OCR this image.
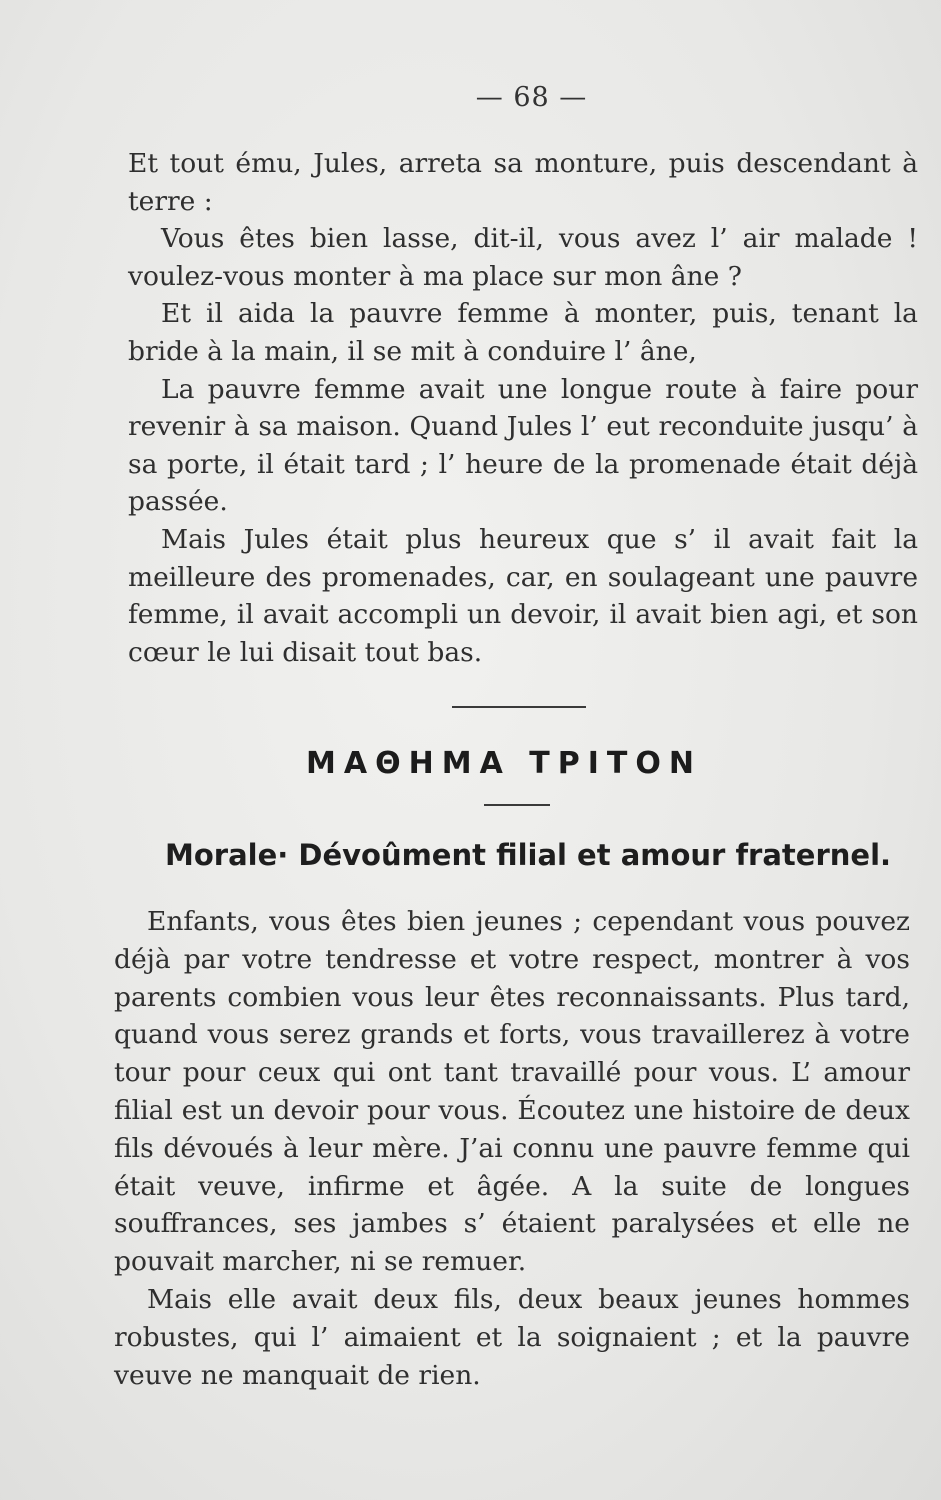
— 68 —

Et tout ému, Jules, arreta sa monture, puis descendant à terre :

Vous êtes bien lasse, dit-il, vous avez l’ air malade ! voulez-vous monter à ma place sur mon âne ?

Et il aida la pauvre femme à monter, puis, tenant la bride à la main, il se mit à conduire l’ âne,

La pauvre femme avait une longue route à faire pour revenir à sa maison. Quand Jules l’ eut reconduite jusqu’ à sa porte, il était tard ; l’ heure de la promenade était déjà passée.

Mais Jules était plus heureux que s’ il avait fait la meilleure des promenades, car, en soulageant une pauvre femme, il avait accompli un devoir, il avait bien agi, et son cœur le lui disait tout bas.

ΜΑΘΗΜΑ ΤΡΙΤΟΝ
Morale· Dévoûment filial et amour fraternel.

Enfants, vous êtes bien jeunes ; cependant vous pouvez déjà par votre tendresse et votre respect, montrer à vos parents combien vous leur êtes reconnaissants. Plus tard, quand vous serez grands et forts, vous travaillerez à votre tour pour ceux qui ont tant travaillé pour vous. L’ amour filial est un devoir pour vous. Écoutez une histoire de deux fils dévoués à leur mère. J’ai connu une pauvre femme qui était veuve, infirme et âgée. A la suite de longues souffrances, ses jambes s’ étaient paralysées et elle ne pouvait marcher, ni se remuer.

Mais elle avait deux fils, deux beaux jeunes hommes robustes, qui l’ aimaient et la soignaient ; et la pauvre veuve ne manquait de rien.
